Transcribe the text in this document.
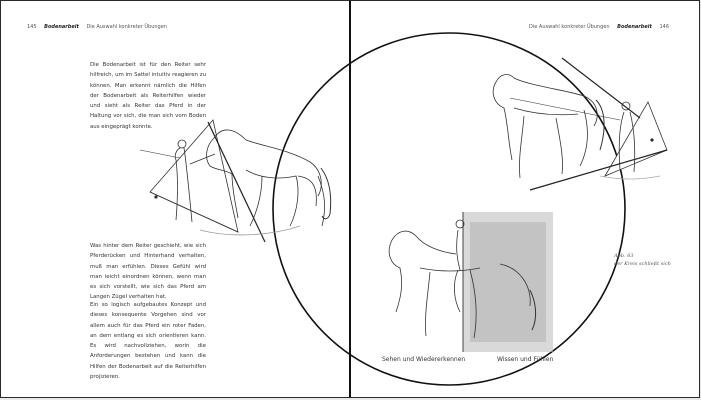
145 Bodenarbeit Die Auswahl konkreter Übungen	Die Auswahl konkreter Übungen Bodenarbeit 146
Die Bodenarbeit ist für den Reiter sehr hilfreich, um im Sattel intuitiv reagieren zu können. Man erkennt nämlich die Hilfen der Bodenarbeit als Reiterhilfen wieder und sieht als Reiter das Pferd in der Haltung vor sich, die man sich vom Boden aus eingeprägt konnte.
Was hinter dem Reiter geschieht, wie sich Pferderücken und Hinterhand verhalten, muß man erfühlen. Dieses Gefühl wird man leicht einordnen können, wenn man es sich vorstellt, wie sich das Pferd am Langen Zügel verhalten hat.
Ein so logisch aufgebautes Konzept und dieses konsequente Vorgehen sind vor allem auch für das Pferd ein roter Faden, an dem entlang es sich orientieren kann. Es wird nachvollziehen, worin die Anforderungen bestehen und kann die Hilfen der Bodenarbeit auf die Reiterhilfen projizieren.
Abb. 63
der Kreis schließt sich
Sehen und Wiedererkennen	Wissen und Fühlen
